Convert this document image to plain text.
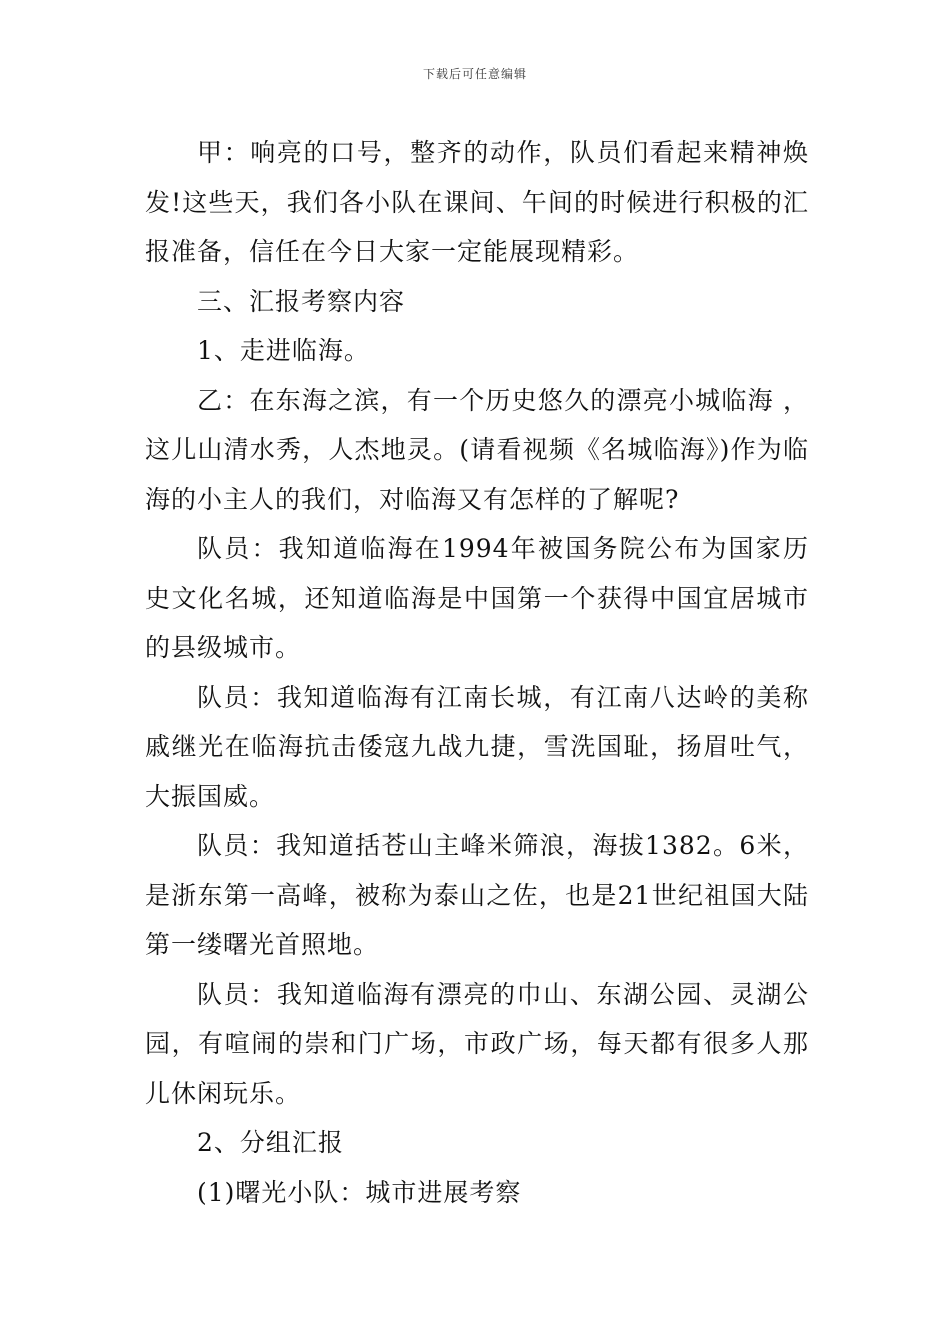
下载后可任意编辑

甲：响亮的口号，整齐的动作，队员们看起来精神焕发!这些天，我们各小队在课间、午间的时候进行积极的汇报准备，信任在今日大家一定能展现精彩。

三、汇报考察内容

1、走进临海。

乙：在东海之滨，有一个历史悠久的漂亮小城临海 ，这儿山清水秀，人杰地灵。(请看视频《名城临海》)作为临海的小主人的我们，对临海又有怎样的了解呢?

队员：我知道临海在1994年被国务院公布为国家历史文化名城，还知道临海是中国第一个获得中国宜居城市的县级城市。

队员：我知道临海有江南长城，有江南八达岭的美称戚继光在临海抗击倭寇九战九捷，雪洗国耻，扬眉吐气，大振国威。

队员：我知道括苍山主峰米筛浪，海拔1382。6米，是浙东第一高峰，被称为泰山之佐，也是21世纪祖国大陆第一缕曙光首照地。

队员：我知道临海有漂亮的巾山、东湖公园、灵湖公园，有喧闹的崇和门广场，市政广场，每天都有很多人那儿休闲玩乐。

2、分组汇报

(1)曙光小队：城市进展考察
